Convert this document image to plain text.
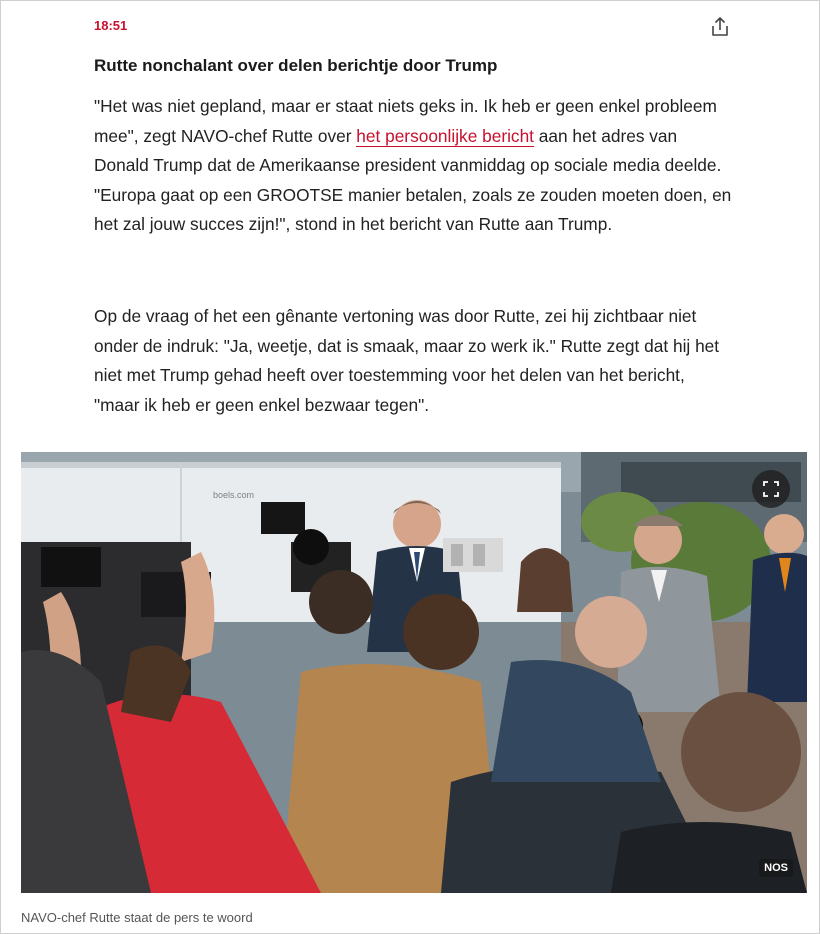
18:51
Rutte nonchalant over delen berichtje door Trump

"Het was niet gepland, maar er staat niets geks in. Ik heb er geen enkel probleem mee", zegt NAVO-chef Rutte over het persoonlijke bericht aan het adres van Donald Trump dat de Amerikaanse president vanmiddag op sociale media deelde. "Europa gaat op een GROOTSE manier betalen, zoals ze zouden moeten doen, en het zal jouw succes zijn!", stond in het bericht van Rutte aan Trump.

Op de vraag of het een gênante vertoning was door Rutte, zei hij zichtbaar niet onder de indruk: "Ja, weetje, dat is smaak, maar zo werk ik." Rutte zegt dat hij het niet met Trump gehad heeft over toestemming voor het delen van het bericht, "maar ik heb er geen enkel bezwaar tegen".

boels.com
NOS
NAVO-chef Rutte staat de pers te woord
